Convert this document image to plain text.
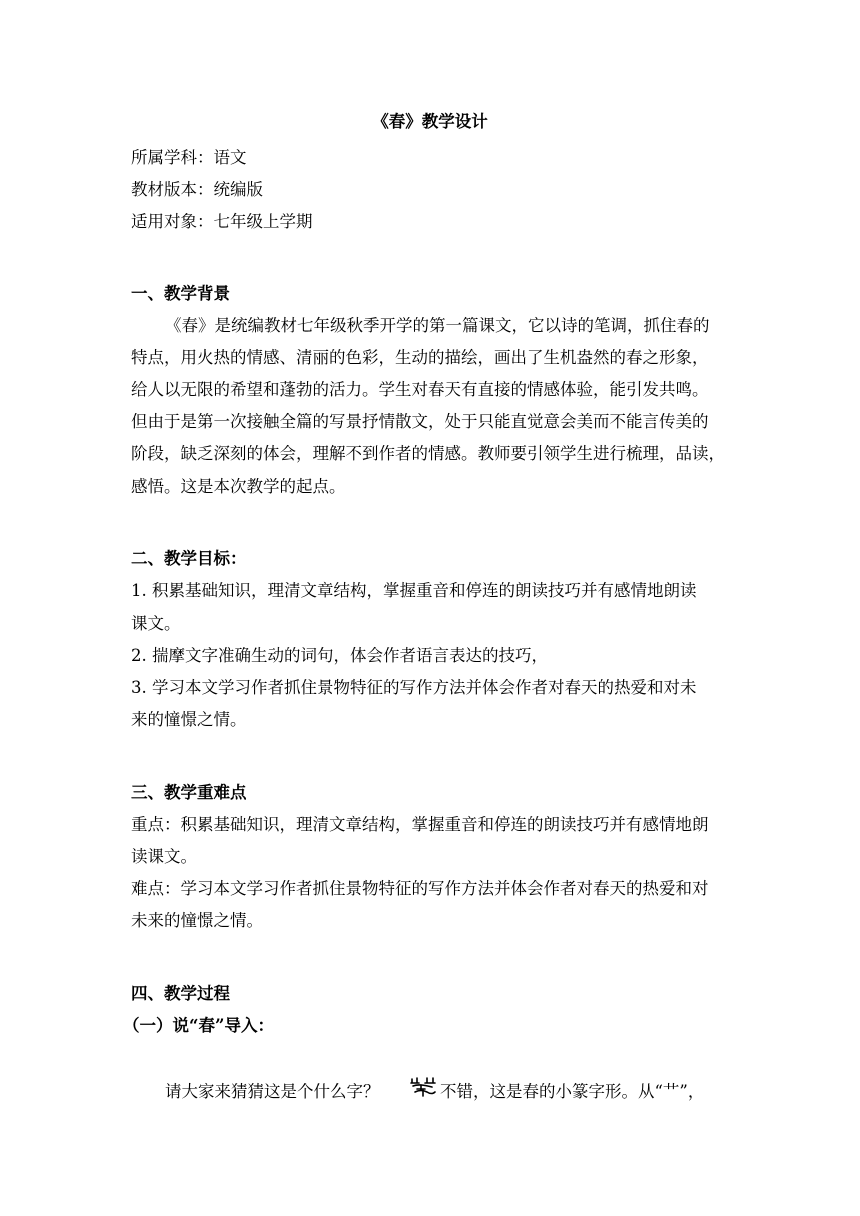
《春》教学设计
所属学科：语文
教材版本：统编版
适用对象：七年级上学期
一、教学背景
《春》是统编教材七年级秋季开学的第一篇课文，它以诗的笔调，抓住春的
特点，用火热的情感、清丽的色彩，生动的描绘，画出了生机盎然的春之形象，
给人以无限的希望和蓬勃的活力。学生对春天有直接的情感体验，能引发共鸣。
但由于是第一次接触全篇的写景抒情散文，处于只能直觉意会美而不能言传美的
阶段，缺乏深刻的体会，理解不到作者的情感。教师要引领学生进行梳理，品读，
感悟。这是本次教学的起点。
二、教学目标：
1. 积累基础知识，理清文章结构，掌握重音和停连的朗读技巧并有感情地朗读
课文。
2. 揣摩文字准确生动的词句，体会作者语言表达的技巧，
3. 学习本文学习作者抓住景物特征的写作方法并体会作者对春天的热爱和对未
来的憧憬之情。
三、教学重难点
重点：积累基础知识，理清文章结构，掌握重音和停连的朗读技巧并有感情地朗
读课文。
难点：学习本文学习作者抓住景物特征的写作方法并体会作者对春天的热爱和对
未来的憧憬之情。
四、教学过程
（一）说“春”导入：
请大家来猜猜这是个什么字？	不错，这是春的小篆字形。从“艹”，
